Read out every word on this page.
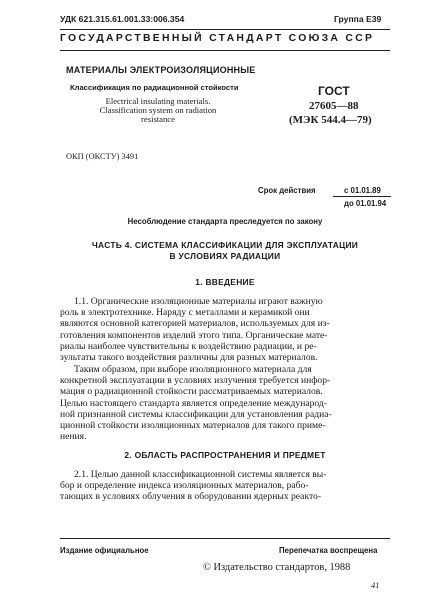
УДК 621.315.61.001.33:006.354	Группа Е39
ГОСУДАРСТВЕННЫЙ СТАНДАРТ СОЮЗА ССР
МАТЕРИАЛЫ ЭЛЕКТРОИЗОЛЯЦИОННЫЕ
Классификация по радиационной стойкости
Electrical insulating materials.
Classification system on radiation
resistance
ГОСТ
27605—88
(МЭК 544.4—79)
ОКП (ОКСТУ) 3491
Срок действия	с 01.01.89
до 01.01.94
Несоблюдение стандарта преследуется по закону
ЧАСТЬ 4. СИСТЕМА КЛАССИФИКАЦИИ ДЛЯ ЭКСПЛУАТАЦИИ
В УСЛОВИЯХ РАДИАЦИИ
1. ВВЕДЕНИЕ
1.1. Органические изоляционные материалы играют важную
роль в электротехнике. Наряду с металлами и керамикой они
являются основной категорией материалов, используемых для из-
готовления компонентов изделий этого типа. Органические мате-
риалы наиболее чувствительны к воздействию радиации, и ре-
зультаты такого воздействия различны для разных материалов.
Таким образом, при выборе изоляционного материала для
конкретной эксплуатации в условиях излучения требуется инфор-
мация о радиационной стойкости рассматриваемых материалов.
Целью настоящего стандарта является определение международ-
ной признанной системы классификации для установления радиа-
ционной стойкости изоляционных материалов для такого приме-
нения.
2. ОБЛАСТЬ РАСПРОСТРАНЕНИЯ И ПРЕДМЕТ
2.1. Целью данной классификационной системы является вы-
бор и определение индекса изоляционных материалов, рабо-
тающих в условиях облучения в оборудовании ядерных реакто-
Издание официальное	Перепечатка воспрещена
© Издательство стандартов, 1988
41
